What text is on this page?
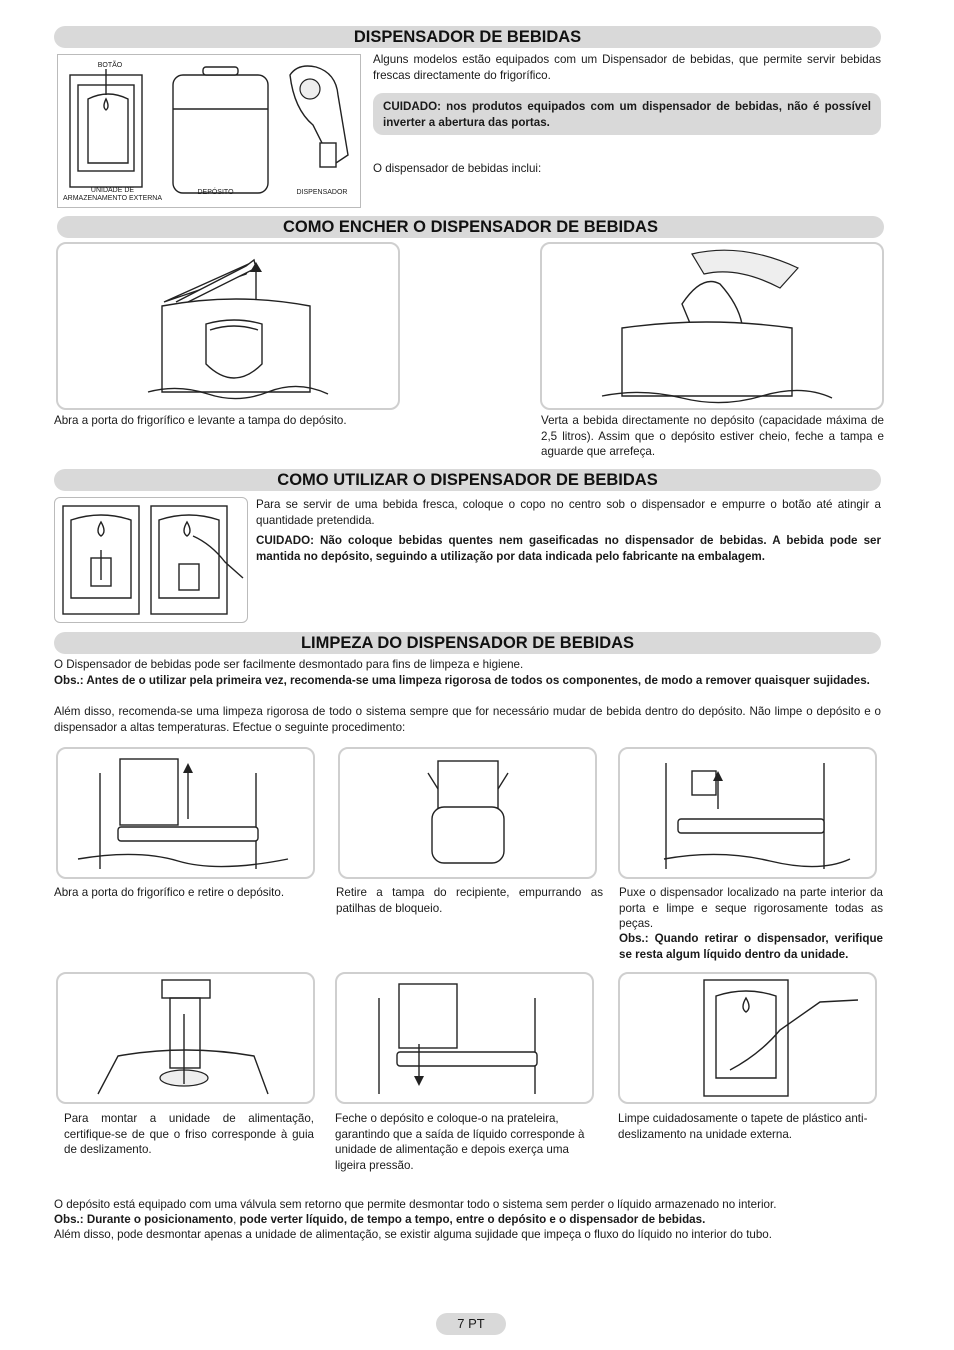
DISPENSADOR DE BEBIDAS
BOTÃO
UNIDADE DE ARMAZENAMENTO EXTERNA
DEPÓSITO	DISPENSADOR
Alguns modelos estão equipados com um Dispensador de bebidas, que permite servir bebidas frescas directamente do frigorífico.
CUIDADO: nos produtos equipados com um dispensador de bebidas, não é possível inverter a abertura das portas.
O dispensador de bebidas inclui:
COMO ENCHER O DISPENSADOR DE BEBIDAS
Abra a porta do frigorífico e levante a tampa do depósito.	Verta a bebida directamente no depósito (capacidade máxima de 2,5 litros). Assim que o depósito estiver cheio, feche a tampa e aguarde que arrefeça.
COMO UTILIZAR O DISPENSADOR DE BEBIDAS
Para se servir de uma bebida fresca, coloque o copo no centro sob o dispensador e empurre o botão até atingir a quantidade pretendida.
CUIDADO: Não coloque bebidas quentes nem gaseificadas no dispensador de bebidas. A bebida pode ser mantida no depósito, seguindo a utilização por data indicada pelo fabricante na embalagem.
LIMPEZA DO DISPENSADOR DE BEBIDAS
O Dispensador de bebidas pode ser facilmente desmontado para fins de limpeza e higiene.
Obs.: Antes de o utilizar pela primeira vez, recomenda-se uma limpeza rigorosa de todos os componentes, de modo a remover quaisquer sujidades.
Além disso, recomenda-se uma limpeza rigorosa de todo o sistema sempre que for necessário mudar de bebida dentro do depósito. Não limpe o depósito e o dispensador a altas temperaturas. Efectue o seguinte procedimento:
Abra a porta do frigorífico e retire o depósito.	Retire a tampa do recipiente, empurrando as patilhas de bloqueio.
Puxe o dispensador localizado na parte interior da porta e limpe e seque rigorosamente todas as peças.
Obs.: Quando retirar o dispensador, verifique se resta algum líquido dentro da unidade.
Para montar a unidade de alimentação, certifique-se de que o friso corresponde à guia de deslizamento.
Feche o depósito e coloque-o na prateleira, garantindo que a saída de líquido corresponde à unidade de alimentação e depois exerça uma ligeira pressão.
Limpe cuidadosamente o tapete de plástico anti-deslizamento na unidade externa.
O depósito está equipado com uma válvula sem retorno que permite desmontar todo o sistema sem perder o líquido armazenado no interior.
Obs.: Durante o posicionamento, pode verter líquido, de tempo a tempo, entre o depósito e o dispensador de bebidas.
Além disso, pode desmontar apenas a unidade de alimentação, se existir alguma sujidade que impeça o fluxo do líquido no interior do tubo.
7 PT
